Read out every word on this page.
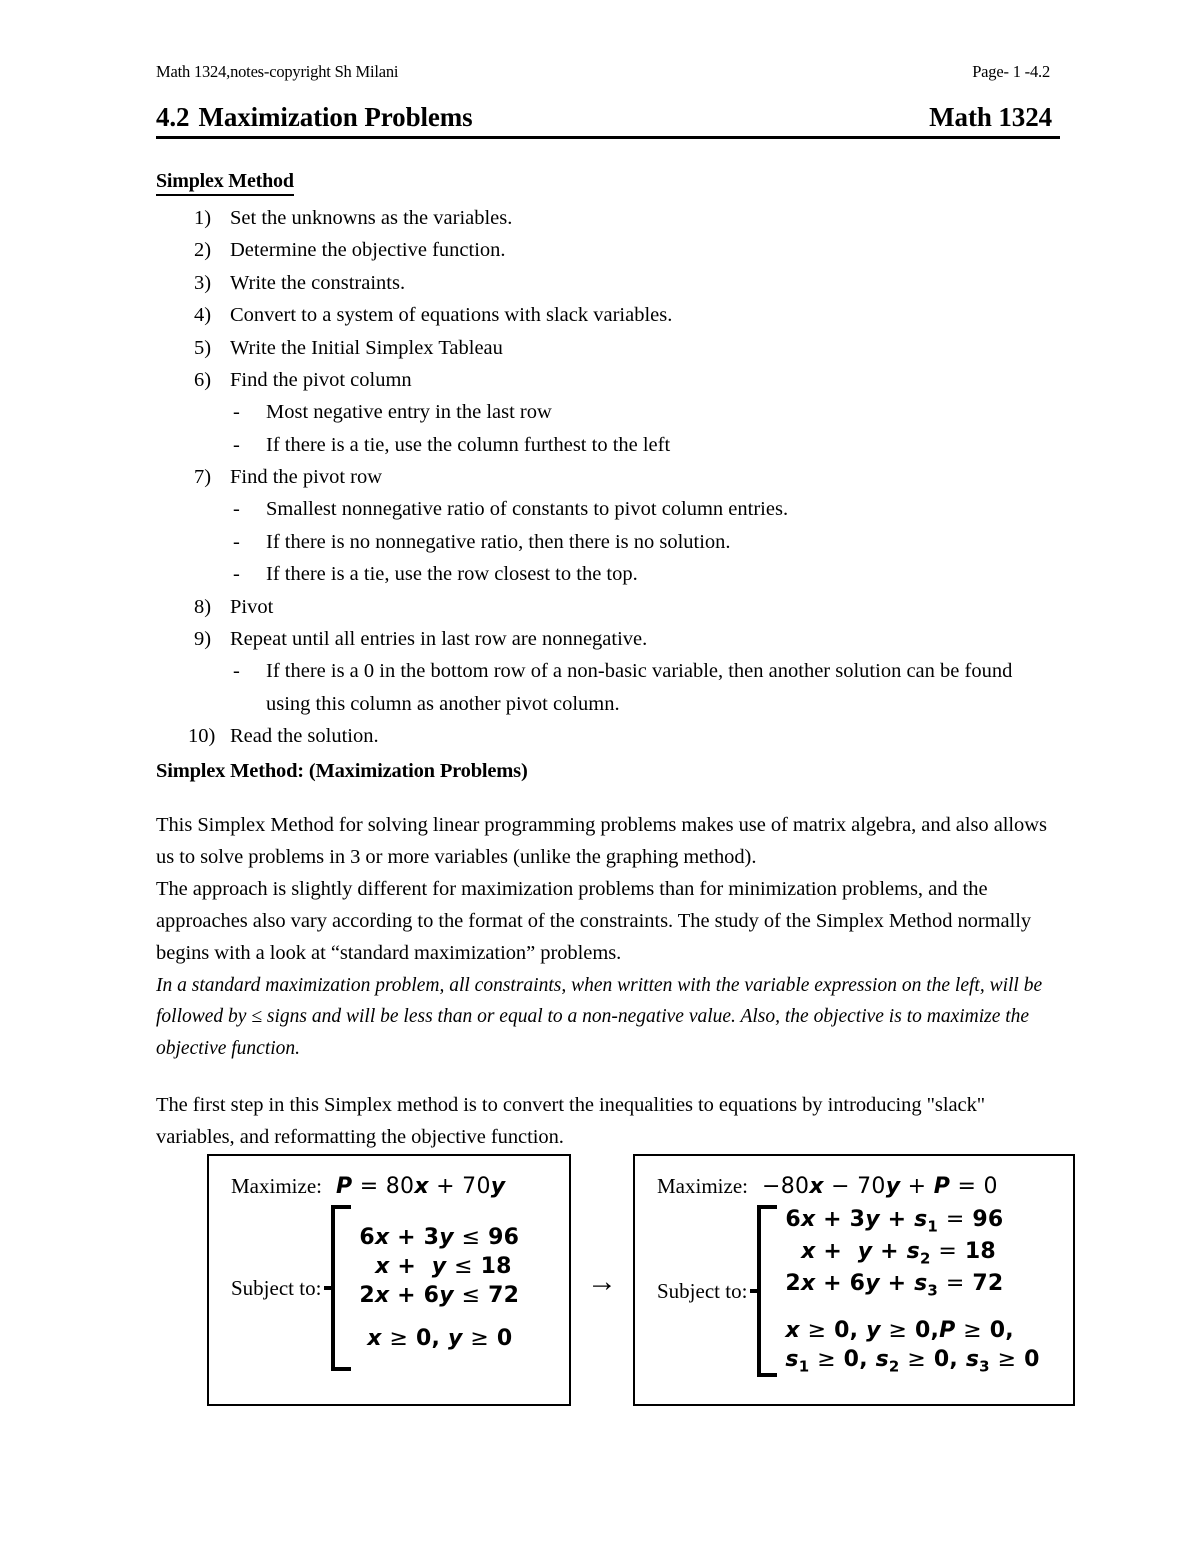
Math 1324,notes-copyright Sh Milani	Page- 1 -4.2
4.2 Maximization Problems	Math 1324
Simplex Method
1) Set the unknowns as the variables.
2) Determine the objective function.
3) Write the constraints.
4) Convert to a system of equations with slack variables.
5) Write the Initial Simplex Tableau
6) Find the pivot column
- Most negative entry in the last row
- If there is a tie, use the column furthest to the left
7) Find the pivot row
- Smallest nonnegative ratio of constants to pivot column entries.
- If there is no nonnegative ratio, then there is no solution.
- If there is a tie, use the row closest to the top.
8) Pivot
9) Repeat until all entries in last row are nonnegative.
- If there is a 0 in the bottom row of a non-basic variable, then another solution can be found using this column as another pivot column.
10) Read the solution.
Simplex Method: (Maximization Problems)

This Simplex Method for solving linear programming problems makes use of matrix algebra, and also allows us to solve problems in 3 or more variables (unlike the graphing method).

The approach is slightly different for maximization problems than for minimization problems, and the approaches also vary according to the format of the constraints. The study of the Simplex Method normally begins with a look at “standard maximization” problems.

In a standard maximization problem, all constraints, when written with the variable expression on the left, will be followed by ≤ signs and will be less than or equal to a non-negative value. Also, the objective is to maximize the objective function.

The first step in this Simplex method is to convert the inequalities to equations by introducing "slack" variables, and reformatting the objective function.

Maximize: P = 80x + 70y
Subject to:
6x + 3y ≤ 96
x +  y ≤ 18
2x + 6y ≤ 72

x ≥ 0, y ≥ 0
→
Maximize: −80x − 70y + P = 0
Subject to:
$6x + 3y + s_1 = 96$
$x + y + s_2 = 18$
$2x + 6y + s_3 = 72$

x ≥ 0, y ≥ 0,P ≥ 0,
$s_1 \ge 0$, $s_2 \ge 0$, $s_3 \ge 0$
